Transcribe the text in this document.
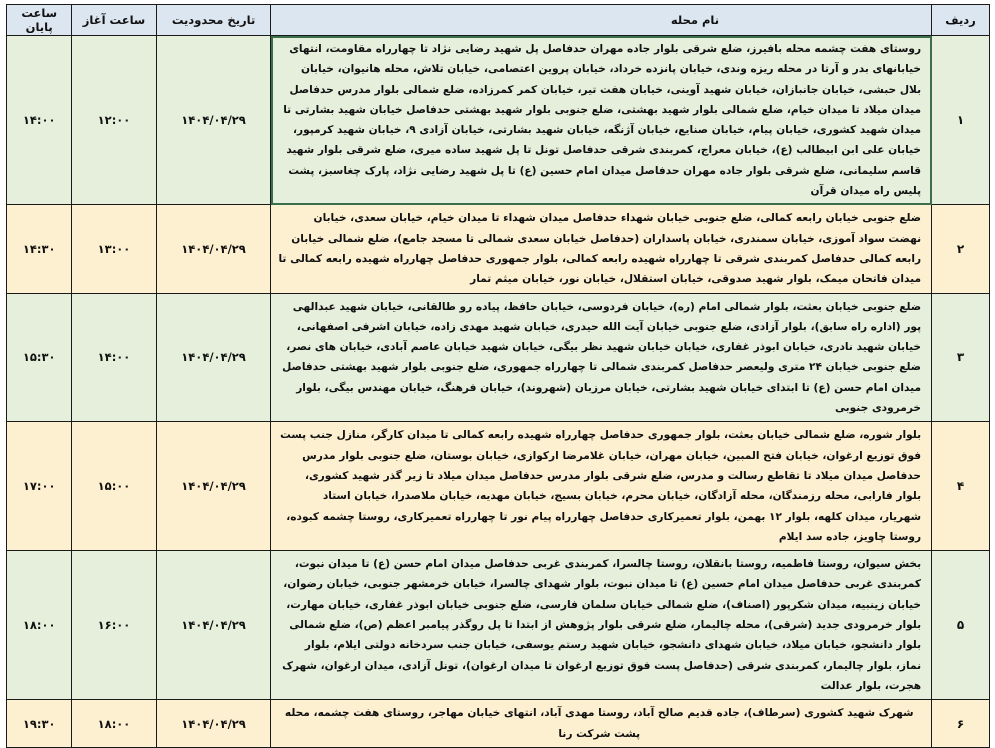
ردیف	نام محله	تاریخ محدودیت	ساعت آغاز	ساعت پایان
۱	روستای هفت چشمه محله بافیرز، ضلع شرقی بلوار جاده مهران حدفاصل پل شهید رضایی نژاد تا چهارراه مقاومت، انتهای خیابانهای بدر و آرتا در محله ریزه وندی، خیابان پانزده خرداد، خیابان پروین اعتصامی، خیابان تلاش، محله هانیوان، خیابان بلال حبشی، خیابان جانبازان، خیابان شهید آوینی، خیابان هفت تیر، خیابان کمر کمرزاده، ضلع شمالی بلوار مدرس حدفاصل میدان میلاد تا میدان خیام، ضلع شمالی بلوار شهید بهشتی، ضلع جنوبی بلوار شهید بهشتی حدفاصل خیابان شهید بشارتی تا میدان شهید کشوری، خیابان پیام، خیابان صنایع، خیابان آژنگه، خیابان شهید بشارتی، خیابان آزادی ۹، خیابان شهید کرمپور، خیابان علی ابن ابیطالب (ع)، خیابان معراج، کمربندی شرقی حدفاصل تونل تا پل شهید ساده میری، ضلع شرقی بلوار شهید قاسم سلیمانی، ضلع شرقی بلوار جاده مهران حدفاصل میدان امام حسین (ع) تا پل شهید رضایی نژاد، پارک چغاسبز، پشت پلیس راه میدان قرآن	۱۴۰۴/۰۴/۲۹	۱۲:۰۰	۱۴:۰۰
۲	ضلع جنوبی خیابان رابعه کمالی، ضلع جنوبی خیابان شهداء حدفاصل میدان شهداء تا میدان خیام، خیابان سعدی، خیابان نهضت سواد آموزی، خیابان سمندری، خیابان پاسداران (حدفاصل خیابان سعدی شمالی تا مسجد جامع)، ضلع شمالی خیابان رابعه کمالی حدفاصل کمربندی شرقی تا چهارراه شهیده رابعه کمالی، بلوار جمهوری حدفاصل چهارراه شهیده رابعه کمالی تا میدان فاتحان میمک، بلوار شهید صدوقی، خیابان استقلال، خیابان نور، خیابان میثم تمار	۱۴۰۴/۰۴/۲۹	۱۳:۰۰	۱۴:۳۰
۳	ضلع جنوبی خیابان بعثت، بلوار شمالی امام (ره)، خیابان فردوسی، خیابان حافظ، پیاده رو طالقانی، خیابان شهید عبدالهی پور (اداره راه سابق)، بلوار آزادی، ضلع جنوبی خیابان آیت الله حیدری، خیابان شهید مهدی زاده، خیابان اشرفی اصفهانی، خیابان شهید نادری، خیابان ابوذر غفاری، خیابان خیابان شهید نظر بیگی، خیابان شهید خیابان عاصم آبادی، خیابان های نصر، ضلع جنوبی خیابان ۲۴ متری ولیعصر حدفاصل کمربندی شمالی تا چهارراه جمهوری، ضلع جنوبی بلوار شهید بهشتی حدفاصل میدان امام حسن (ع) تا ابتدای خیابان شهید بشارتی، خیابان مرزبان (شهروند)، خیابان فرهنگ، خیابان مهندس بیگی، بلوار خرمرودی جنوبی	۱۴۰۴/۰۴/۲۹	۱۴:۰۰	۱۵:۳۰
۴	بلوار شوره، ضلع شمالی خیابان بعثت، بلوار جمهوری حدفاصل چهارراه شهیده رابعه کمالی تا میدان کارگر، منازل جنب پست فوق توزیع ارغوان، خیابان فتح المبین، خیابان مهران، خیابان غلامرضا ارکوازی، خیابان بوستان، ضلع جنوبی بلوار مدرس حدفاصل میدان میلاد تا تقاطع رسالت و مدرس، ضلع شرقی بلوار مدرس حدفاصل میدان میلاد تا زیر گذر شهید کشوری، بلوار فارابی، محله رزمندگان، محله آزادگان، خیابان محرم، خیابان بسیج، خیابان مهدیه، خیابان ملاصدرا، خیابان استاد شهریار، میدان کلهه، بلوار ۱۲ بهمن، بلوار تعمیرکاری حدفاصل چهارراه پیام نور تا چهارراه تعمیرکاری، روستا چشمه کبوده، روستا چاویز، جاده سد ایلام	۱۴۰۴/۰۴/۲۹	۱۵:۰۰	۱۷:۰۰
۵	بخش سیوان، روستا فاطمیه، روستا بانقلان، روستا چالسرا، کمربندی غربی حدفاصل میدان امام حسن (ع) تا میدان نبوت، کمربندی غربی حدفاصل میدان امام حسین (ع) تا میدان نبوت، بلوار شهدای چالسرا، خیابان خرمشهر جنوبی، خیابان رضوان، خیابان زینبیه، میدان شکرپور (اصناف)، ضلع شمالی خیابان سلمان فارسی، ضلع جنوبی خیابان ابوذر غفاری، خیابان مهارت، بلوار خرمرودی جدید (شرقی)، محله چالیمار، ضلع شرقی بلوار پژوهش از ابتدا تا پل روگذر پیامبر اعظم (ص)، ضلع شمالی بلوار دانشجو، خیابان میلاد، خیابان شهدای دانشجو، خیابان شهید رستم یوسفی، خیابان جنب سردخانه دولتی ایلام، بلوار نماز، بلوار چالیمار، کمربندی شرقی (حدفاصل پست فوق توزیع ارغوان تا میدان ارغوان)، تونل آزادی، میدان ارغوان، شهرک هجرت، بلوار عدالت	۱۴۰۴/۰۴/۲۹	۱۶:۰۰	۱۸:۰۰
۶	شهرک شهید کشوری (سرطاف)، جاده قدیم صالح آباد، روستا مهدی آباد، انتهای خیابان مهاجر، روستای هفت چشمه، محله پشت شرکت رنا	۱۴۰۴/۰۴/۲۹	۱۸:۰۰	۱۹:۳۰
